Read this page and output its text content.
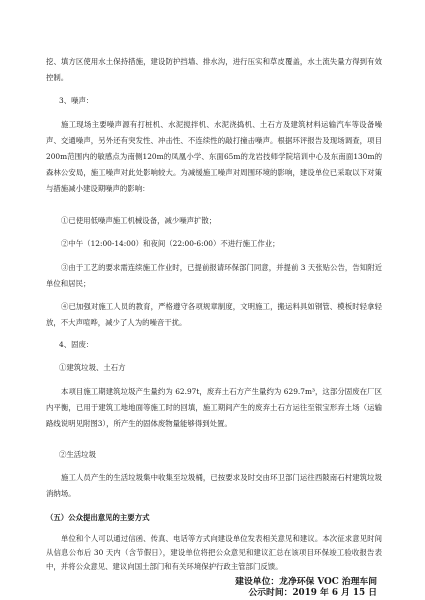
挖、填方区使用水土保持措施，建设防护挡墙、排水沟，进行压实和草皮覆盖，水土流失量方得到有效控制。

3、噪声：

施工现场主要噪声源有打桩机、水泥搅拌机、水泥浇捣机、土石方及建筑材料运输汽车等设备噪声、交通噪声，另外还有突发性、冲击性、不连续性的敲打撞击噪声。根据环评报告及现场调查，项目200m范围内的敏感点为南侧120m的凤凰小学、东面65m的龙岩技师学院培训中心及东南面130m的森林公安局，施工噪声对此处影响较大。为减缓施工噪声对周围环境的影响，建设单位已采取以下对策与措施减小建设期噪声的影响：

①已使用低噪声施工机械设备，减少噪声扩散；

②中午（12:00-14:00）和夜间（22:00-6:00）不进行施工作业；

③由于工艺的要求需连续施工作业时，已提前报请环保部门同意，并提前 3 天张贴公告，告知附近单位和居民；

④已加强对施工人员的教育，严格遵守各项规章制度，文明施工，搬运料具如钢管、模板时轻拿轻放，不大声喧哗，减少了人为的噪音干扰。

4、固废：

①建筑垃圾、土石方

本项目施工期建筑垃圾产生量约为 62.97t，废弃土石方产生量约为 629.7m³，这部分固废在厂区内平衡，已用于建筑工地地面等施工时的回填，施工期间产生的废弃土石方运往至银宝形弃土场（运输路线说明见附图3），所产生的固体废物量能够得到处置。

②生活垃圾

施工人员产生的生活垃圾集中收集至垃圾桶，已按要求及时交由环卫部门运往西陂南石村建筑垃圾消纳场。

（五）公众提出意见的主要方式

单位和个人可以通过信函、传真、电话等方式向建设单位发表相关意见和建议。本次征求意见时间从信息公布后 30 天内（含节假日），建设单位将把公众意见和建议汇总在该项目环保竣工验收报告表中，并将公众意见、建议向国土部门和有关环境保护行政主管部门反馈。

建设单位：龙净环保 VOC 治理车间

公示时间：2019 年 6 月 15 日
